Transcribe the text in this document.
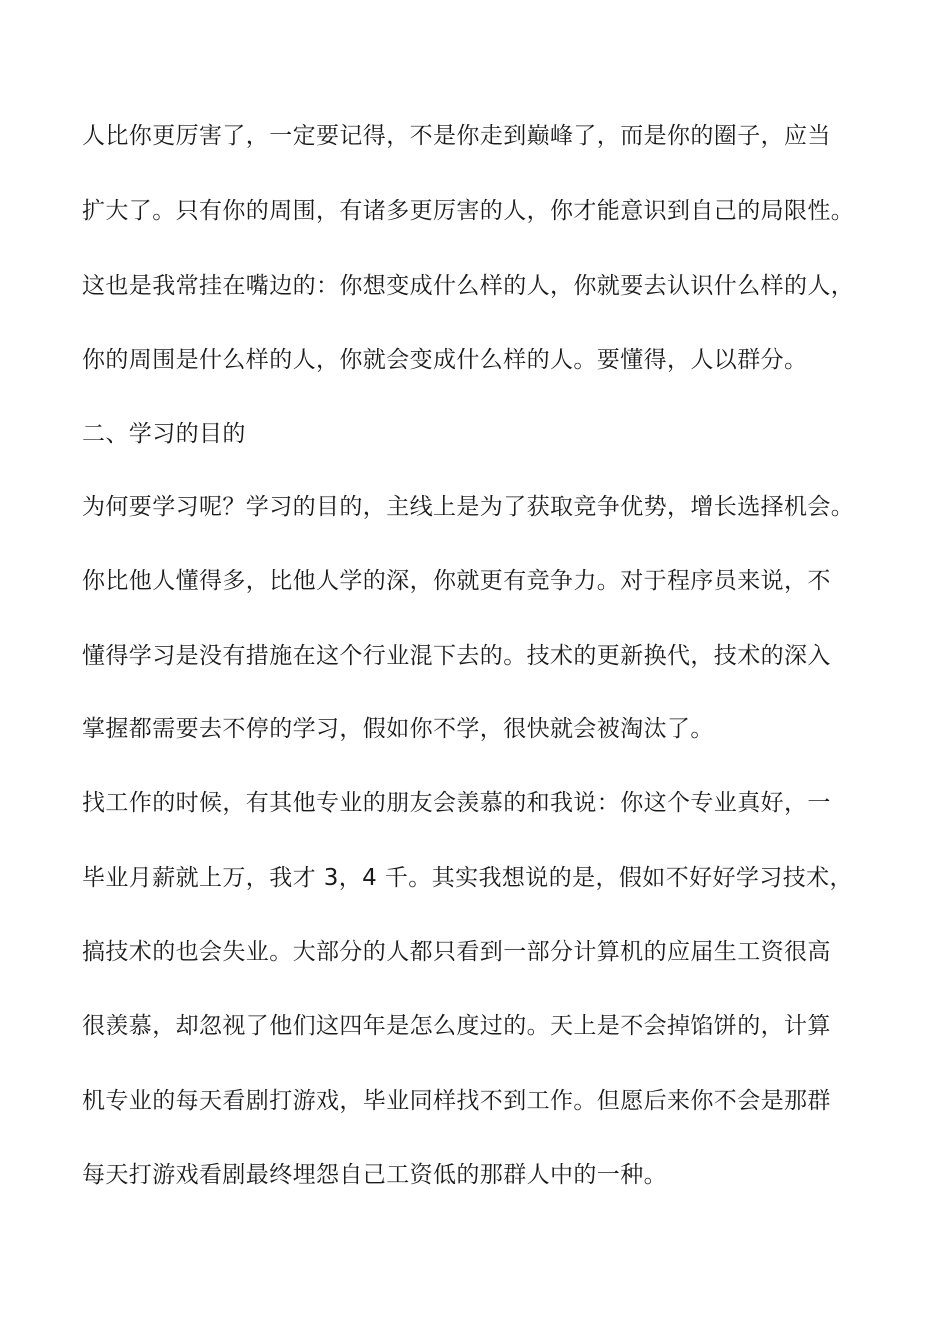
人比你更厉害了，一定要记得，不是你走到巅峰了，而是你的圈子，应当
扩大了。只有你的周围，有诸多更厉害的人，你才能意识到自己的局限性。
这也是我常挂在嘴边的：你想变成什么样的人，你就要去认识什么样的人，
你的周围是什么样的人，你就会变成什么样的人。要懂得，人以群分。
二、学习的目的
为何要学习呢？学习的目的，主线上是为了获取竞争优势，增长选择机会。
你比他人懂得多，比他人学的深，你就更有竞争力。对于程序员来说，不
懂得学习是没有措施在这个行业混下去的。技术的更新换代，技术的深入
掌握都需要去不停的学习，假如你不学，很快就会被淘汰了。
找工作的时候，有其他专业的朋友会羡慕的和我说：你这个专业真好，一
毕业月薪就上万，我才 3，4 千。其实我想说的是，假如不好好学习技术，
搞技术的也会失业。大部分的人都只看到一部分计算机的应届生工资很高
很羡慕，却忽视了他们这四年是怎么度过的。天上是不会掉馅饼的，计算
机专业的每天看剧打游戏，毕业同样找不到工作。但愿后来你不会是那群
每天打游戏看剧最终埋怨自己工资低的那群人中的一种。
